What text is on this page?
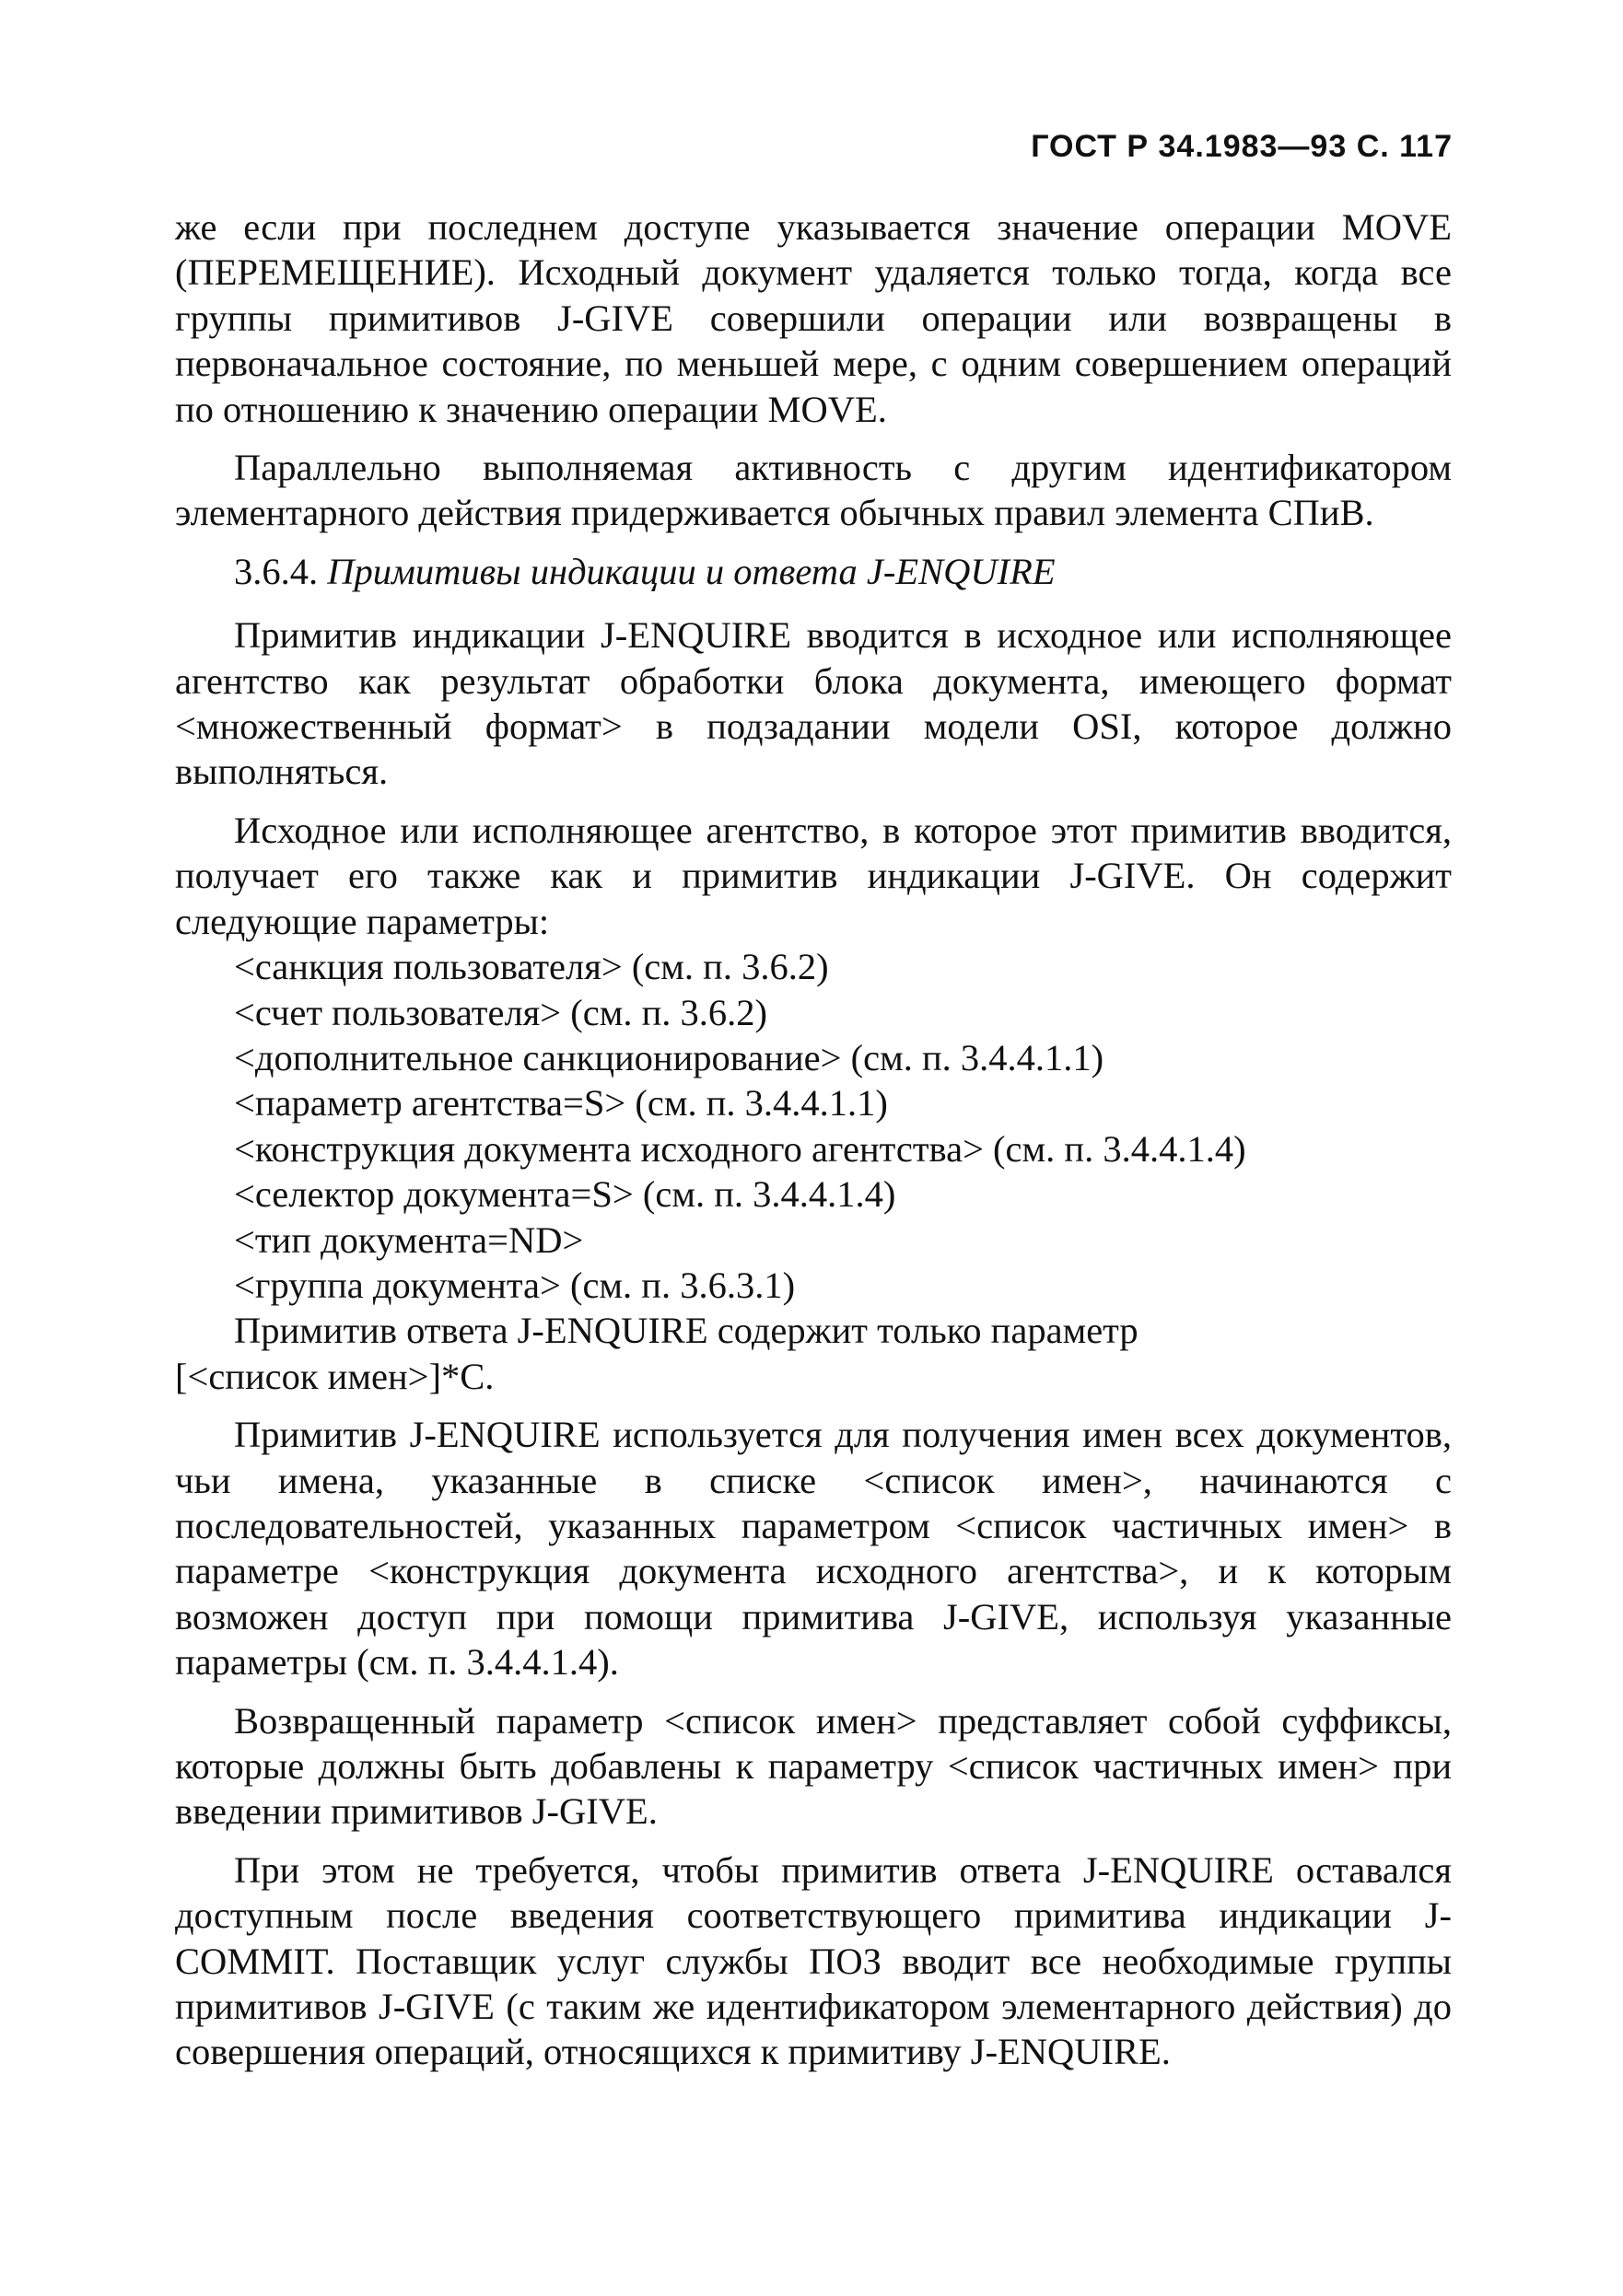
ГОСТ Р 34.1983—93 С. 117

же если при последнем доступе указывается значение операции MOVE (ПЕРЕМЕЩЕНИЕ). Исходный документ удаляется только тогда, когда все группы примитивов J-GIVE совершили операции или возвращены в первоначальное состояние, по меньшей мере, с одним совершением операций по отношению к значению операции MOVE.

Параллельно выполняемая активность с другим идентификатором элементарного действия придерживается обычных правил элемента СПиВ.

3.6.4. Примитивы индикации и ответа J-ENQUIRE

Примитив индикации J-ENQUIRE вводится в исходное или исполняющее агентство как результат обработки блока документа, имеющего формат <множественный формат> в подзадании модели OSI, которое должно выполняться.

Исходное или исполняющее агентство, в которое этот примитив вводится, получает его также как и примитив индикации J-GIVE. Он содержит следующие параметры:

<санкция пользователя> (см. п. 3.6.2)
<счет пользователя> (см. п. 3.6.2)
<дополнительное санкционирование> (см. п. 3.4.4.1.1)
<параметр агентства=S> (см. п. 3.4.4.1.1)
<конструкция документа исходного агентства> (см. п. 3.4.4.1.4)
<селектор документа=S> (см. п. 3.4.4.1.4)
<тип документа=ND>
<группа документа> (см. п. 3.6.3.1)

Примитив ответа J-ENQUIRE содержит только параметр

[<список имен>]*C.

Примитив J-ENQUIRE используется для получения имен всех документов, чьи имена, указанные в списке <список имен>, начинаются с последовательностей, указанных параметром <список частичных имен> в параметре <конструкция документа исходного агентства>, и к которым возможен доступ при помощи примитива J-GIVE, используя указанные параметры (см. п. 3.4.4.1.4).

Возвращенный параметр <список имен> представляет собой суффиксы, которые должны быть добавлены к параметру <список частичных имен> при введении примитивов J-GIVE.

При этом не требуется, чтобы примитив ответа J-ENQUIRE оставался доступным после введения соответствующего примитива индикации J-COMMIT. Поставщик услуг службы ПОЗ вводит все необходимые группы примитивов J-GIVE (с таким же идентификатором элементарного действия) до совершения операций, относящихся к примитиву J-ENQUIRE.
